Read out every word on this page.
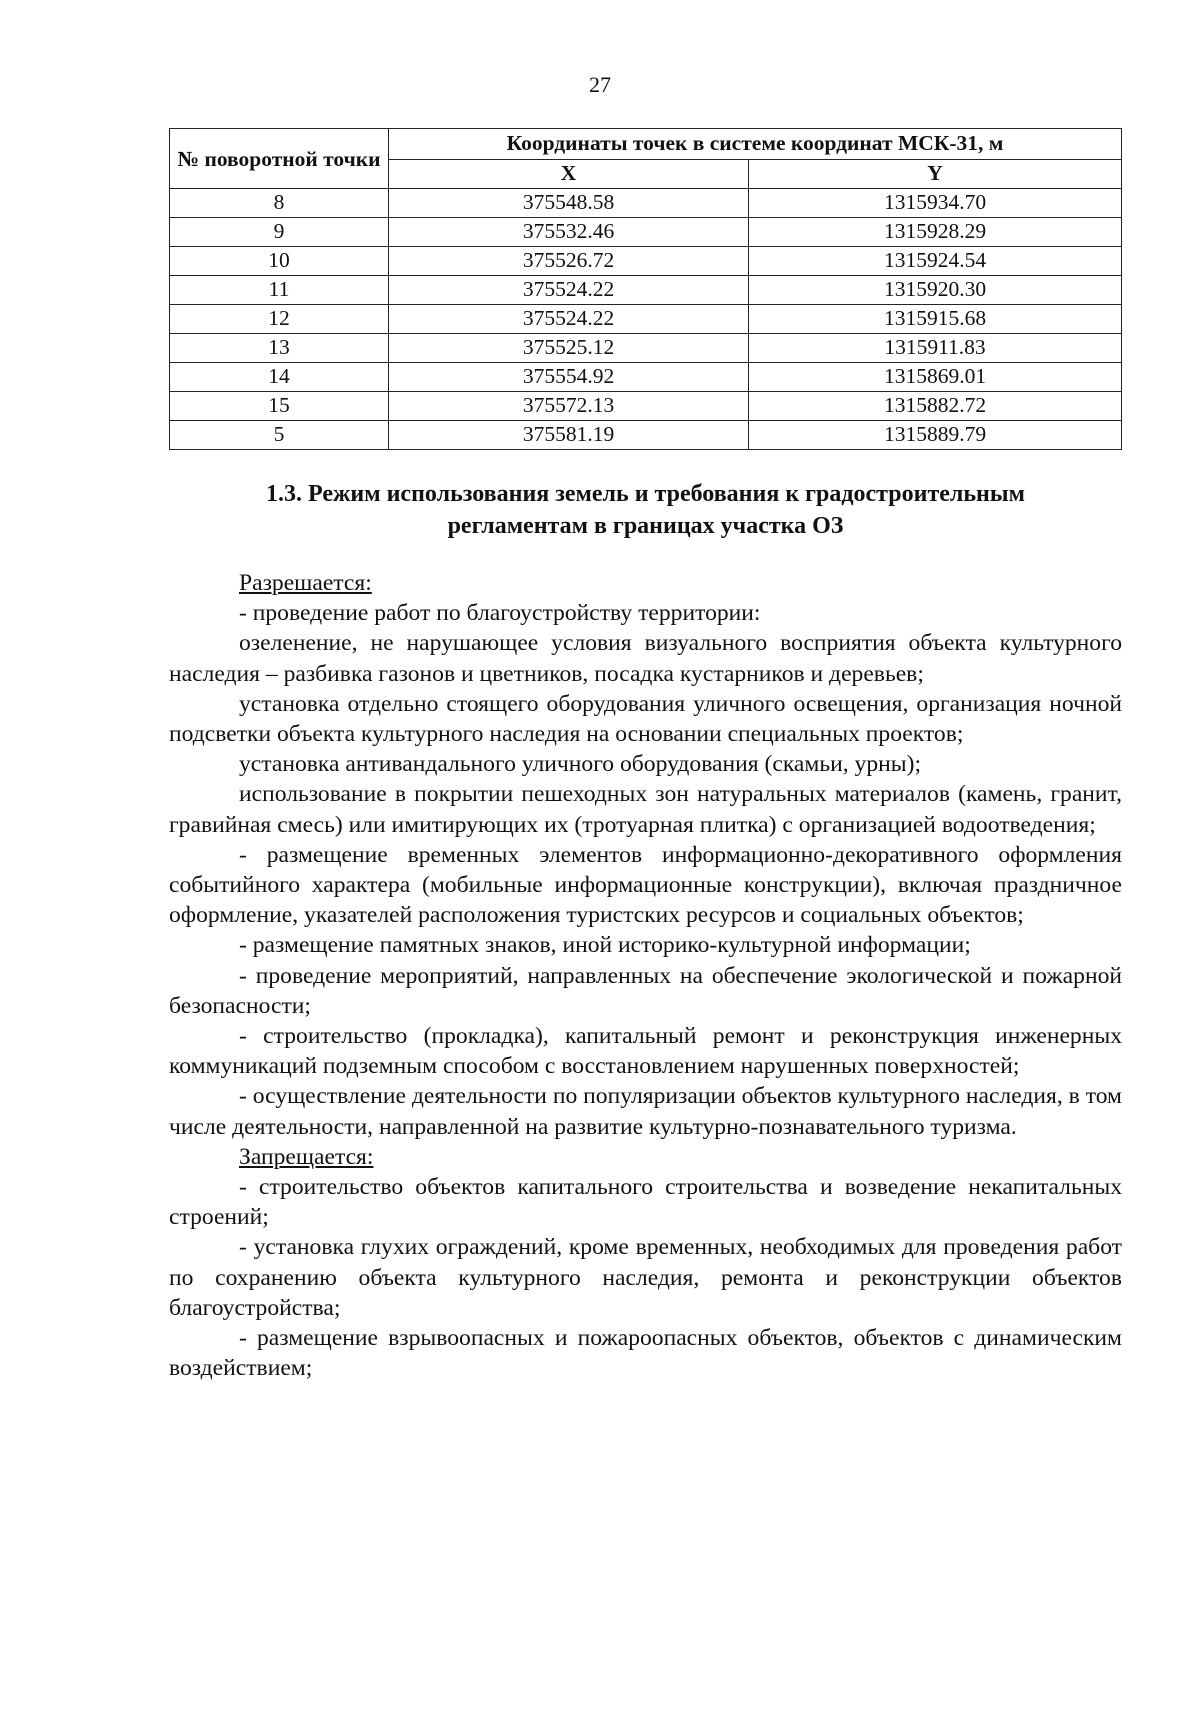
27
№ поворотной точки	Координаты точек в системе координат МСК-31, м	
	X	Y
8	375548.58	1315934.70
9	375532.46	1315928.29
10	375526.72	1315924.54
11	375524.22	1315920.30
12	375524.22	1315915.68
13	375525.12	1315911.83
14	375554.92	1315869.01
15	375572.13	1315882.72
5	375581.19	1315889.79
1.3. Режим использования земель и требования к градостроительным
регламентам в границах участка ОЗ

Разрешается:

- проведение работ по благоустройству территории:

озеленение, не нарушающее условия визуального восприятия объекта культурного наследия – разбивка газонов и цветников, посадка кустарников и деревьев;

установка отдельно стоящего оборудования уличного освещения, организация ночной подсветки объекта культурного наследия на основании специальных проектов;

установка антивандального уличного оборудования (скамьи, урны);

использование в покрытии пешеходных зон натуральных материалов (камень, гранит, гравийная смесь) или имитирующих их (тротуарная плитка) с организацией водоотведения;

- размещение временных элементов информационно-декоративного оформления событийного характера (мобильные информационные конструкции), включая праздничное оформление, указателей расположения туристских ресурсов и социальных объектов;

- размещение памятных знаков, иной историко-культурной информации;

- проведение мероприятий, направленных на обеспечение экологической и пожарной безопасности;

- строительство (прокладка), капитальный ремонт и реконструкция инженерных коммуникаций подземным способом с восстановлением нарушенных поверхностей;

- осуществление деятельности по популяризации объектов культурного наследия, в том числе деятельности, направленной на развитие культурно-познавательного туризма.

Запрещается:

- строительство объектов капитального строительства и возведение некапитальных строений;

- установка глухих ограждений, кроме временных, необходимых для проведения работ по сохранению объекта культурного наследия, ремонта и реконструкции объектов благоустройства;

- размещение взрывоопасных и пожароопасных объектов, объектов с динамическим воздействием;
